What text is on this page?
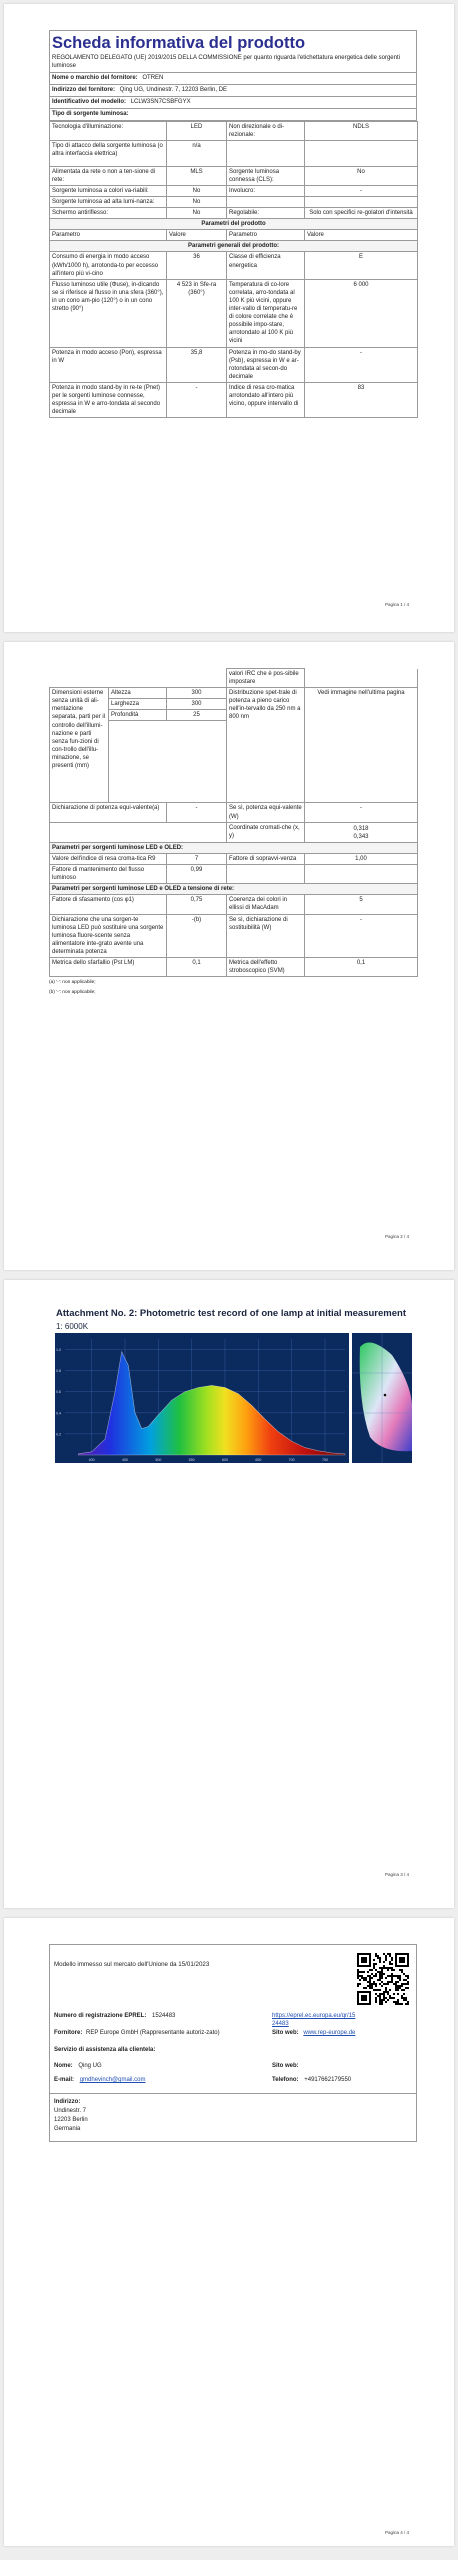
Scheda informativa del prodotto
REGOLAMENTO DELEGATO (UE) 2019/2015 DELLA COMMISSIONE per quanto riguarda l'etichettatura energetica delle sorgenti luminose
Nome o marchio del fornitore: OTREN
Indirizzo del fornitore: Qing UG, Undinestr. 7, 12203 Berlin, DE
Identificativo del modello: LCLW3SN7CSBFGYX
Tipo di sorgente luminosa:
Tecnologia d'illuminazione:	LED	Non direzionale o di-rezionale:	NDLS
Tipo di attacco della sorgente luminosa (o altra interfaccia elettrica)	n/a		
Alimentata da rete o non a ten-sione di rete:	MLS	Sorgente luminosa connessa (CLS):	No
Sorgente luminosa a colori va-riabili:	No	Involucro:	-
Sorgente luminosa ad alta lumi-nanza:	No		
Schermo antiriflesso:	No	Regolabile:	Solo con specifici re-golatori d'intensità
Parametri del prodotto			
Parametro	Valore	Parametro	Valore
Parametri generali del prodotto:			
Consumo di energia in modo acceso (kWh/1000 h), arrotonda-to per eccesso all'intero più vi-cino	36	Classe di efficienza energetica	E
Flusso luminoso utile (Φuse), in-dicando se si riferisce al flusso in una sfera (360°), in un cono am-pio (120°) o in un cono stretto (90°)	4 523 in Sfe-ra (360°)	Temperatura di co-lore correlata, arro-tondata al 100 K più vicini, oppure inter-vallo di temperatu-re di colore correlate che è possibile impo-stare, arrotondato al 100 K più vicini	6 000
Potenza in modo acceso (Pon), espressa in W	35,8	Potenza in mo-do stand-by (Psb), espressa in W e ar-rotondata al secon-do decimale	-
Potenza in modo stand-by in re-te (Pnet) per le sorgenti luminose connesse, espressa in W e arro-tondata al secondo decimale	-	Indice di resa cro-matica arrotondato all'intero più vicino, oppure intervallo di	83
Pagina 1 / 4
			valori IRC che è pos-sibile impostare	
Dimensioni esterne senza unità di ali-mentazione separata, parti per il controllo dell'illumi-nazione e parti senza fun-zioni di con-trollo dell'illu-minazione, se presenti (mm)	Altezza	300	Distribuzione spet-trale di potenza a pieno carico nell'in-tervallo da 250 nm a 800 nm	Vedi immagine nell'ultima pagina
	Larghezza	300		
	Profondità	25		

Dichiarazione di potenza equi-valente(a)		-	Se sì, potenza equi-valente (W)	-
			Coordinate cromati-che (x, y)	0,318
0,343

Parametri per sorgenti luminose LED e OLED:				
Valore dell'indice di resa croma-tica R9		7	Fattore di sopravvi-venza	1,00
Fattore di mantenimento del flusso luminoso		0,99		
Parametri per sorgenti luminose LED e OLED a tensione di rete:				
Fattore di sfasamento (cos φ1)		0,75	Coerenza dei colori in ellissi di MacAdam	5
Dichiarazione che una sorgen-te luminosa LED può sostituire una sorgente luminosa fluore-scente senza alimentatore inte-grato avente una determinata potenza		-(b)	Se sì, dichiarazione di sostituibilità (W)	-
Metrica dello sfarfallio (Pst LM)		0,1	Metrica dell'effetto stroboscopico (SVM)	0,1
(a) '-': non applicabile;
(b) '-': non applicabile;
Pagina 2 / 4
Attachment No. 2: Photometric test record of one lamp at initial measurement
1: 6000K
0.2
0.4
0.6
0.8
1.0
400	450	500	550	600	650	700	750
Pagina 3 / 4
Modello immesso sul mercato dell'Unione da 15/01/2023
Numero di registrazione EPREL: 1524483	https://eprel.ec.europa.eu/qr/1524483
Fornitore: REP Europe GmbH (Rappresentante autoriz-zato)	Sito web: www.rep-europe.de
Servizio di assistenza alla clientela:
Nome: Qing UG	Sito web:
E-mail: gmdhevinch@gmail.com	Telefono: +4917662179550
Indirizzo:
Undinestr. 7
12203 Berlin
Germania
Pagina 4 / 4
